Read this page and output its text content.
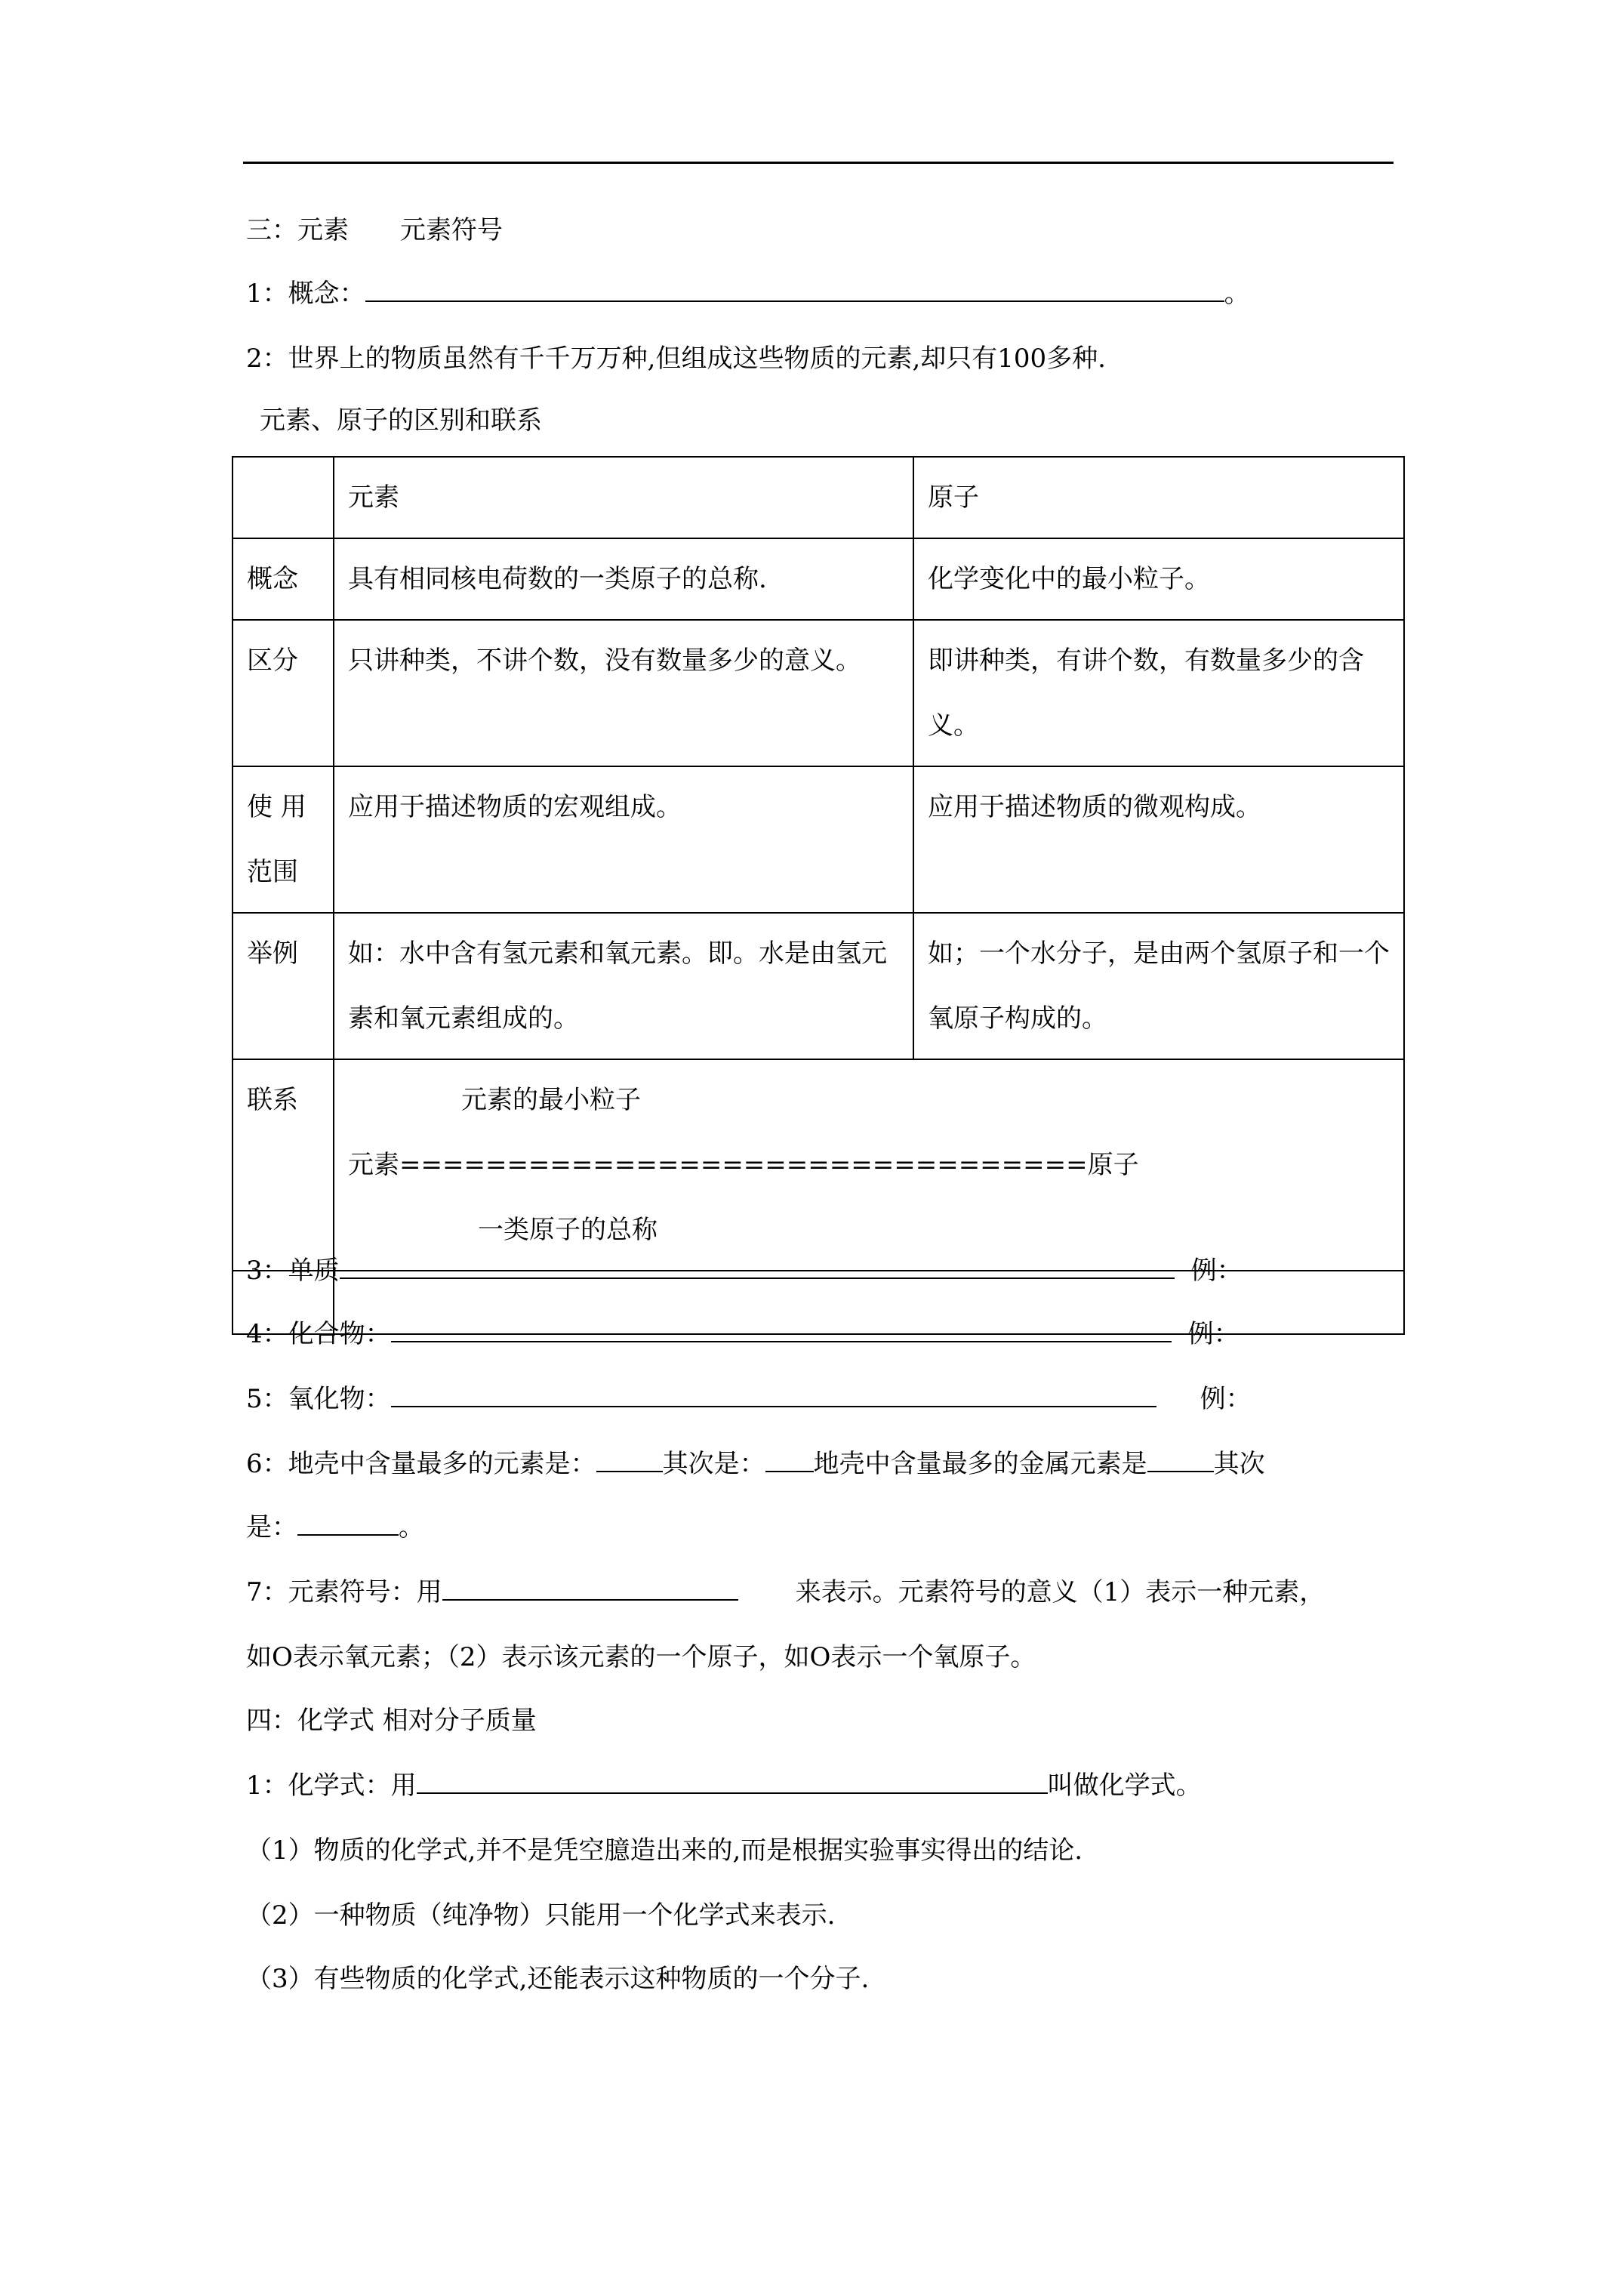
三：元素　　元素符号
1：概念：	。
2：世界上的物质虽然有千千万万种,但组成这些物质的元素,却只有100多种.
元素、原子的区别和联系
	元素	原子
概念	具有相同核电荷数的一类原子的总称.	化学变化中的最小粒子。
区分	只讲种类，不讲个数，没有数量多少的意义。	即讲种类，有讲个数，有数量多少的含义。
使 用范围	应用于描述物质的宏观组成。	应用于描述物质的微观构成。
举例	如：水中含有氢元素和氧元素。即。水是由氢元素和氧元素组成的。	如；一个水分子，是由两个氢原子和一个氧原子构成的。
联系	元素的最小粒子
元素================================原子
一类原子的总称	

3：单质	例：
4：化合物：	例：
5：氧化物：	例：
6：地壳中含量最多的元素是：	其次是： 地壳中含量最多的金属元素是	其次
是：	。
7：元素符号：用	来表示。元素符号的意义（1）表示一种元素，
如O表示氧元素；（2）表示该元素的一个原子，如O表示一个氧原子。
四：化学式 相对分子质量
1：化学式：用	叫做化学式。
（1）物质的化学式,并不是凭空臆造出来的,而是根据实验事实得出的结论.
（2）一种物质（纯净物）只能用一个化学式来表示.
（3）有些物质的化学式,还能表示这种物质的一个分子.
